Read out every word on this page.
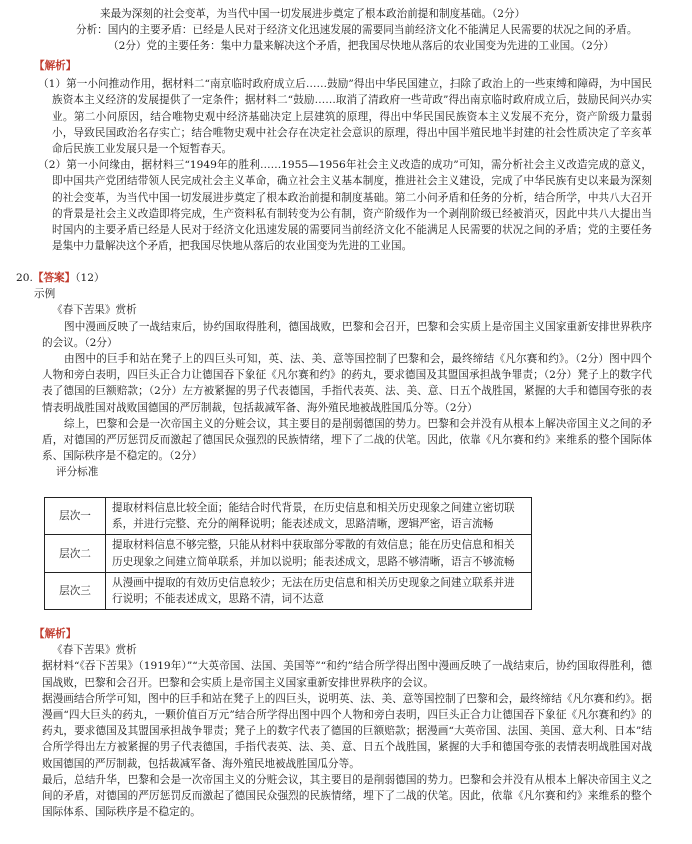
来最为深刻的社会变革，为当代中国一切发展进步奠定了根本政治前提和制度基础。（2分）

分析：国内的主要矛盾：已经是人民对于经济文化迅速发展的需要同当前经济文化不能满足人民需要的状况之间的矛盾。

（2分）党的主要任务：集中力量来解决这个矛盾，把我国尽快地从落后的农业国变为先进的工业国。（2分）

【解析】

（1）第一小问推动作用，据材料二“南京临时政府成立后……鼓励”得出中华民国建立，扫除了政治上的一些束缚和障碍，为中国民族资本主义经济的发展提供了一定条件；据材料二“鼓励……取消了清政府一些苛政”得出南京临时政府成立后，鼓励民间兴办实业。第二小问原因，结合唯物史观中经济基础决定上层建筑的原理，得出中华民国民族资本主义发展不充分，资产阶级力量弱小，导致民国政治名存实亡；结合唯物史观中社会存在决定社会意识的原理，得出中国半殖民地半封建的社会性质决定了辛亥革命后民族工业发展只是一个短暂春天。

（2）第一小问缘由，据材料三“1949年的胜利……1955—1956年社会主义改造的成功”可知，需分析社会主义改造完成的意义，即中国共产党团结带领人民完成社会主义革命，确立社会主义基本制度，推进社会主义建设，完成了中华民族有史以来最为深刻的社会变革，为当代中国一切发展进步奠定了根本政治前提和制度基础。第二小问矛盾和任务的分析，结合所学，中共八大召开的背景是社会主义改造即将完成，生产资料私有制转变为公有制，资产阶级作为一个剥削阶级已经被消灭，因此中共八大提出当时国内的主要矛盾已经是人民对于经济文化迅速发展的需要同当前经济文化不能满足人民需要的状况之间的矛盾；党的主要任务是集中力量解决这个矛盾，把我国尽快地从落后的农业国变为先进的工业国。

20.【答案】（12）

示例

《春下苦果》赏析

图中漫画反映了一战结束后，协约国取得胜利，德国战败，巴黎和会召开，巴黎和会实质上是帝国主义国家重新安排世界秩序的会议。（2分）

由图中的巨手和站在凳子上的四巨头可知，英、法、美、意等国控制了巴黎和会，最终缔结《凡尔赛和约》。（2分）图中四个人物和旁白表明，四巨头正合力让德国吞下象征《凡尔赛和约》的药丸，要求德国及其盟国承担战争罪责；（2分）凳子上的数字代表了德国的巨额赔款；（2分）左方被紧握的男子代表德国，手指代表英、法、美、意、日五个战胜国，紧握的大手和德国夸张的表情表明战胜国对战败国德国的严厉制裁，包括裁减军备、海外殖民地被战胜国瓜分等。（2分）

综上，巴黎和会是一次帝国主义的分赃会议，其主要目的是削弱德国的势力。巴黎和会并没有从根本上解决帝国主义之间的矛盾，对德国的严厉惩罚反而激起了德国民众强烈的民族情绪，埋下了二战的伏笔。因此，依靠《凡尔赛和约》来维系的整个国际体系、国际秩序是不稳定的。（2分）

评分标准

层次一	提取材料信息比较全面；能结合时代背景，在历史信息和相关历史现象之间建立密切联系，并进行完整、充分的阐释说明；能表述成文，思路清晰，逻辑严密，语言流畅
层次二	提取材料信息不够完整，只能从材料中获取部分零散的有效信息；能在历史信息和相关历史现象之间建立简单联系，并加以说明；能表述成文，思路不够清晰，语言不够流畅
层次三	从漫画中提取的有效历史信息较少；无法在历史信息和相关历史现象之间建立联系并进行说明；不能表述成文，思路不清，词不达意

【解析】

《春下苦果》赏析

据材料“《吞下苦果》（1919年）”“大英帝国、法国、美国等”“和约”结合所学得出图中漫画反映了一战结束后，协约国取得胜利，德国战败，巴黎和会召开。巴黎和会实质上是帝国主义国家重新安排世界秩序的会议。

据漫画结合所学可知，图中的巨手和站在凳子上的四巨头，说明英、法、美、意等国控制了巴黎和会，最终缔结《凡尔赛和约》。据漫画“四大巨头的药丸，一颗价值百万元”结合所学得出图中四个人物和旁白表明，四巨头正合力让德国吞下象征《凡尔赛和约》的药丸，要求德国及其盟国承担战争罪责；凳子上的数字代表了德国的巨额赔款；据漫画“大英帝国、法国、美国、意大利、日本”结合所学得出左方被紧握的男子代表德国，手指代表英、法、美、意、日五个战胜国，紧握的大手和德国夸张的表情表明战胜国对战败国德国的严厉制裁，包括裁减军备、海外殖民地被战胜国瓜分等。

最后，总结升华，巴黎和会是一次帝国主义的分赃会议，其主要目的是削弱德国的势力。巴黎和会并没有从根本上解决帝国主义之间的矛盾，对德国的严厉惩罚反而激起了德国民众强烈的民族情绪，埋下了二战的伏笔。因此，依靠《凡尔赛和约》来维系的整个国际体系、国际秩序是不稳定的。
